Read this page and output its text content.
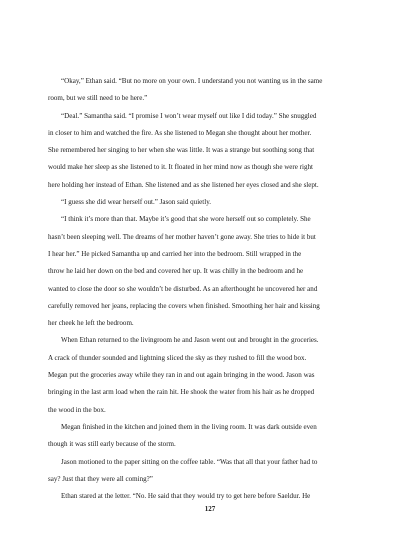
“Okay,” Ethan said. “But no more on your own. I understand you not wanting us in the same
room, but we still need to be here.”
“Deal.” Samantha said. “I promise I won’t wear myself out like I did today.” She snuggled
in closer to him and watched the fire. As she listened to Megan she thought about her mother.
She remembered her singing to her when she was little. It was a strange but soothing song that
would make her sleep as she listened to it. It floated in her mind now as though she were right
here holding her instead of Ethan. She listened and as she listened her eyes closed and she slept.
“I guess she did wear herself out.” Jason said quietly.
“I think it’s more than that. Maybe it’s good that she wore herself out so completely. She
hasn’t been sleeping well. The dreams of her mother haven’t gone away. She tries to hide it but
I hear her.” He picked Samantha up and carried her into the bedroom. Still wrapped in the
throw he laid her down on the bed and covered her up. It was chilly in the bedroom and he
wanted to close the door so she wouldn’t be disturbed. As an afterthought he uncovered her and
carefully removed her jeans, replacing the covers when finished. Smoothing her hair and kissing
her cheek he left the bedroom.
When Ethan returned to the livingroom he and Jason went out and brought in the groceries.
A crack of thunder sounded and lightning sliced the sky as they rushed to fill the wood box.
Megan put the groceries away while they ran in and out again bringing in the wood. Jason was
bringing in the last arm load when the rain hit. He shook the water from his hair as he dropped
the wood in the box.
Megan finished in the kitchen and joined them in the living room. It was dark outside even
though it was still early because of the storm.
Jason motioned to the paper sitting on the coffee table. “Was that all that your father had to
say? Just that they were all coming?”
Ethan stared at the letter. “No. He said that they would try to get here before Saeldur. He
127
